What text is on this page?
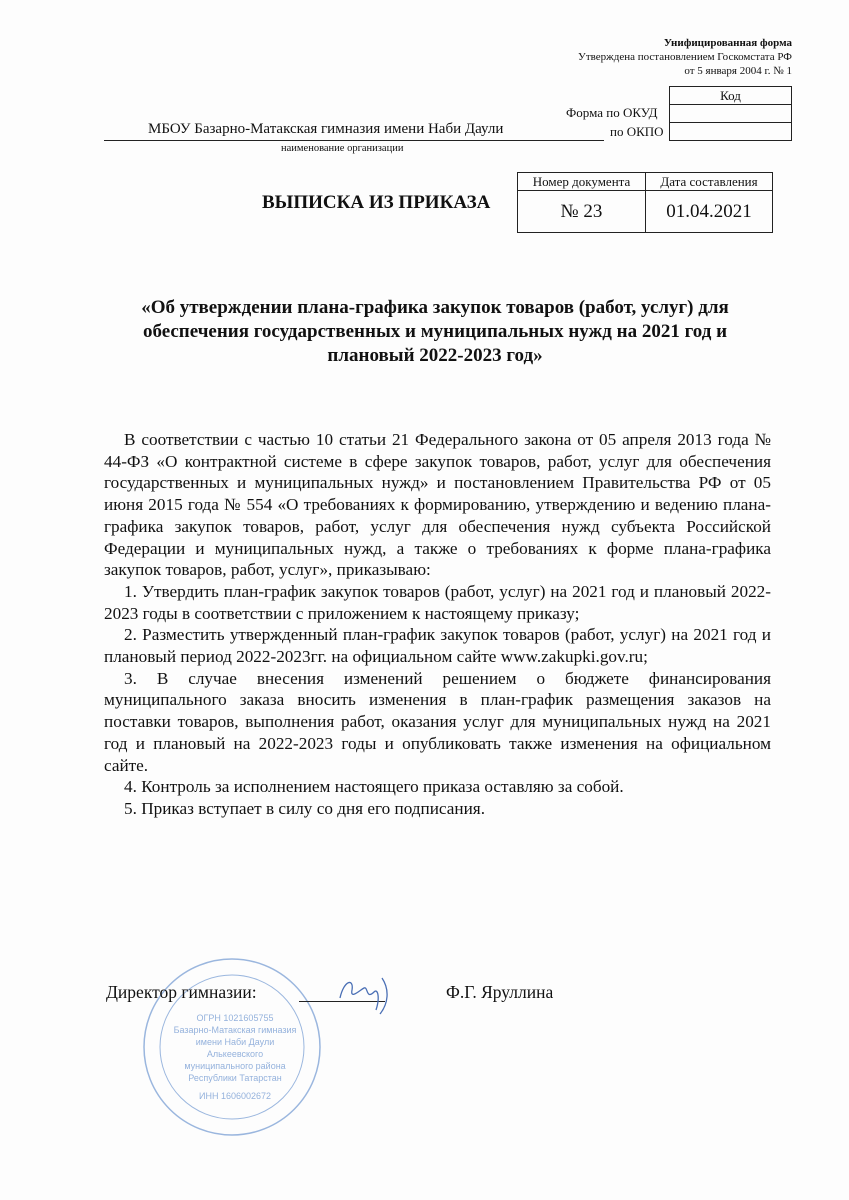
Унифицированная форма
Утверждена постановлением Госкомстата РФ
от 5 января 2004 г. № 1
Код

Форма по ОКУД
по ОКПО
МБОУ Базарно-Матакская гимназия имени Наби Даули
наименование организации
ВЫПИСКА ИЗ ПРИКАЗА
Номер документа	Дата составления
№ 23	01.04.2021
«Об утверждении плана-графика закупок товаров (работ, услуг) для обеспечения государственных и муниципальных нужд на 2021 год и плановый 2022-2023 год»

В соответствии с частью 10 статьи 21 Федерального закона от 05 апреля 2013 года № 44-ФЗ «О контрактной системе в сфере закупок товаров, работ, услуг для обеспечения государственных и муниципальных нужд» и постановлением Правительства РФ от 05 июня 2015 года № 554 «О требованиях к формированию, утверждению и ведению плана-графика закупок товаров, работ, услуг для обеспечения нужд субъекта Российской Федерации и муниципальных нужд, а также о требованиях к форме плана-графика закупок товаров, работ, услуг», приказываю:

1. Утвердить план-график закупок товаров (работ, услуг) на 2021 год и плановый 2022-2023 годы в соответствии с приложением к настоящему приказу;

2. Разместить утвержденный план-график закупок товаров (работ, услуг) на 2021 год и плановый период 2022-2023гг. на официальном сайте www.zakupki.gov.ru;

3. В случае внесения изменений решением о бюджете финансирования муниципального заказа вносить изменения в план-график размещения заказов на поставки товаров, выполнения работ, оказания услуг для муниципальных нужд на 2021 год и плановый на 2022-2023 годы и опубликовать также изменения на официальном сайте.

4. Контроль за исполнением настоящего приказа оставляю за собой.

5. Приказ вступает в силу со дня его подписания.

ОГРН 1021605755
Базарно-Матакская гимназия
имени Наби Даули
Алькеевского
муниципального района
Республики Татарстан
ИНН 1606002672
Директор гимназии:	Ф.Г. Яруллина
